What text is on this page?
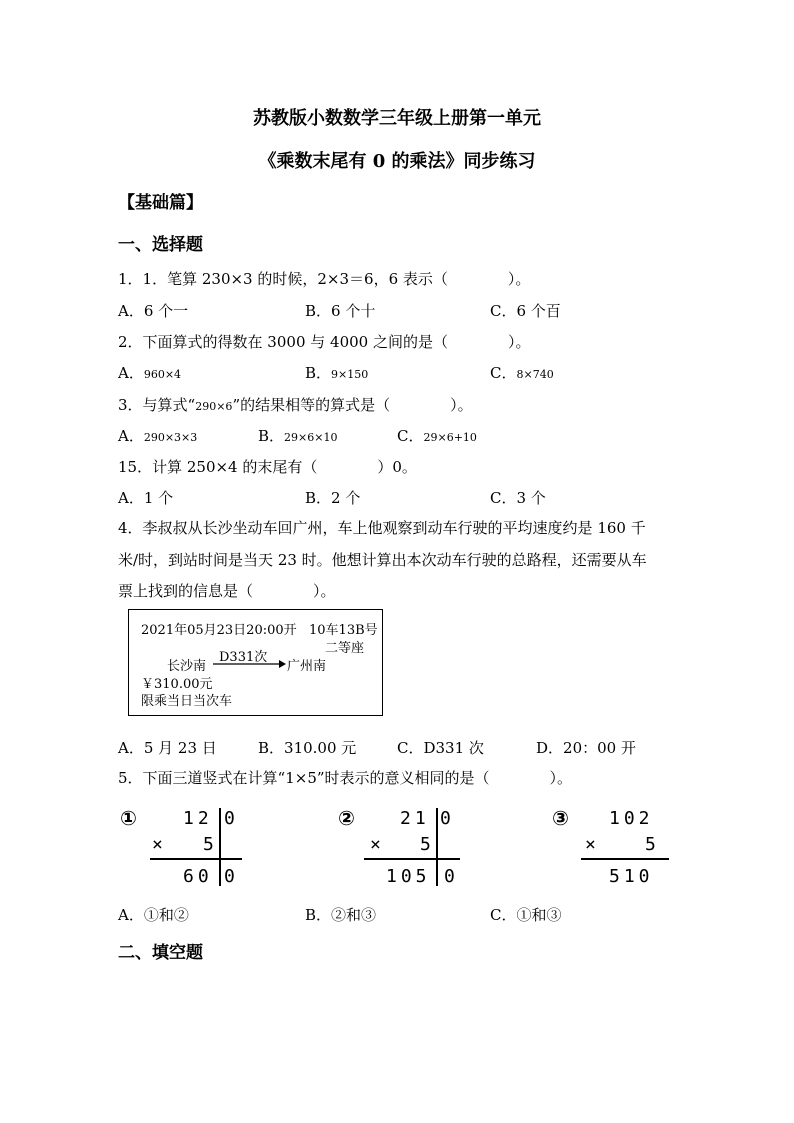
苏教版小数数学三年级上册第一单元
《乘数末尾有 0 的乘法》同步练习
【基础篇】
一、选择题
1．1．笔算 230×3 的时候，2×3＝6，6 表示（　　　　）。
A．6 个一	B．6 个十	C．6 个百
2．下面算式的得数在 3000 与 4000 之间的是（　　　　）。
A．960×4	B．9×150	C．8×740
3．与算式“290×6”的结果相等的算式是（　　　　）。
A．290×3×3	B．29×6×10	C．29×6+10
15．计算 250×4 的末尾有（　　　　）0。
A．1 个	B．2 个	C．3 个
4．李叔叔从长沙坐动车回广州，车上他观察到动车行驶的平均速度约是 160 千
米/时，到站时间是当天 23 时。他想计算出本次动车行驶的总路程，还需要从车
票上找到的信息是（　　　　）。
2021年05月23日20:00开 10车13B号
二等座
长沙南
D331次
广州南
￥310.00元
限乘当日当次车
A．5 月 23 日	B．310.00 元	C．D331 次	D．20：00 开
5．下面三道竖式在计算“1×5”时表示的意义相同的是（　　　　）。
①	12 0
× 5
60 0
②	21 0
× 5
105 0
③ 102
×	5
510
A．①和②	B．②和③	C．①和③
二、填空题
